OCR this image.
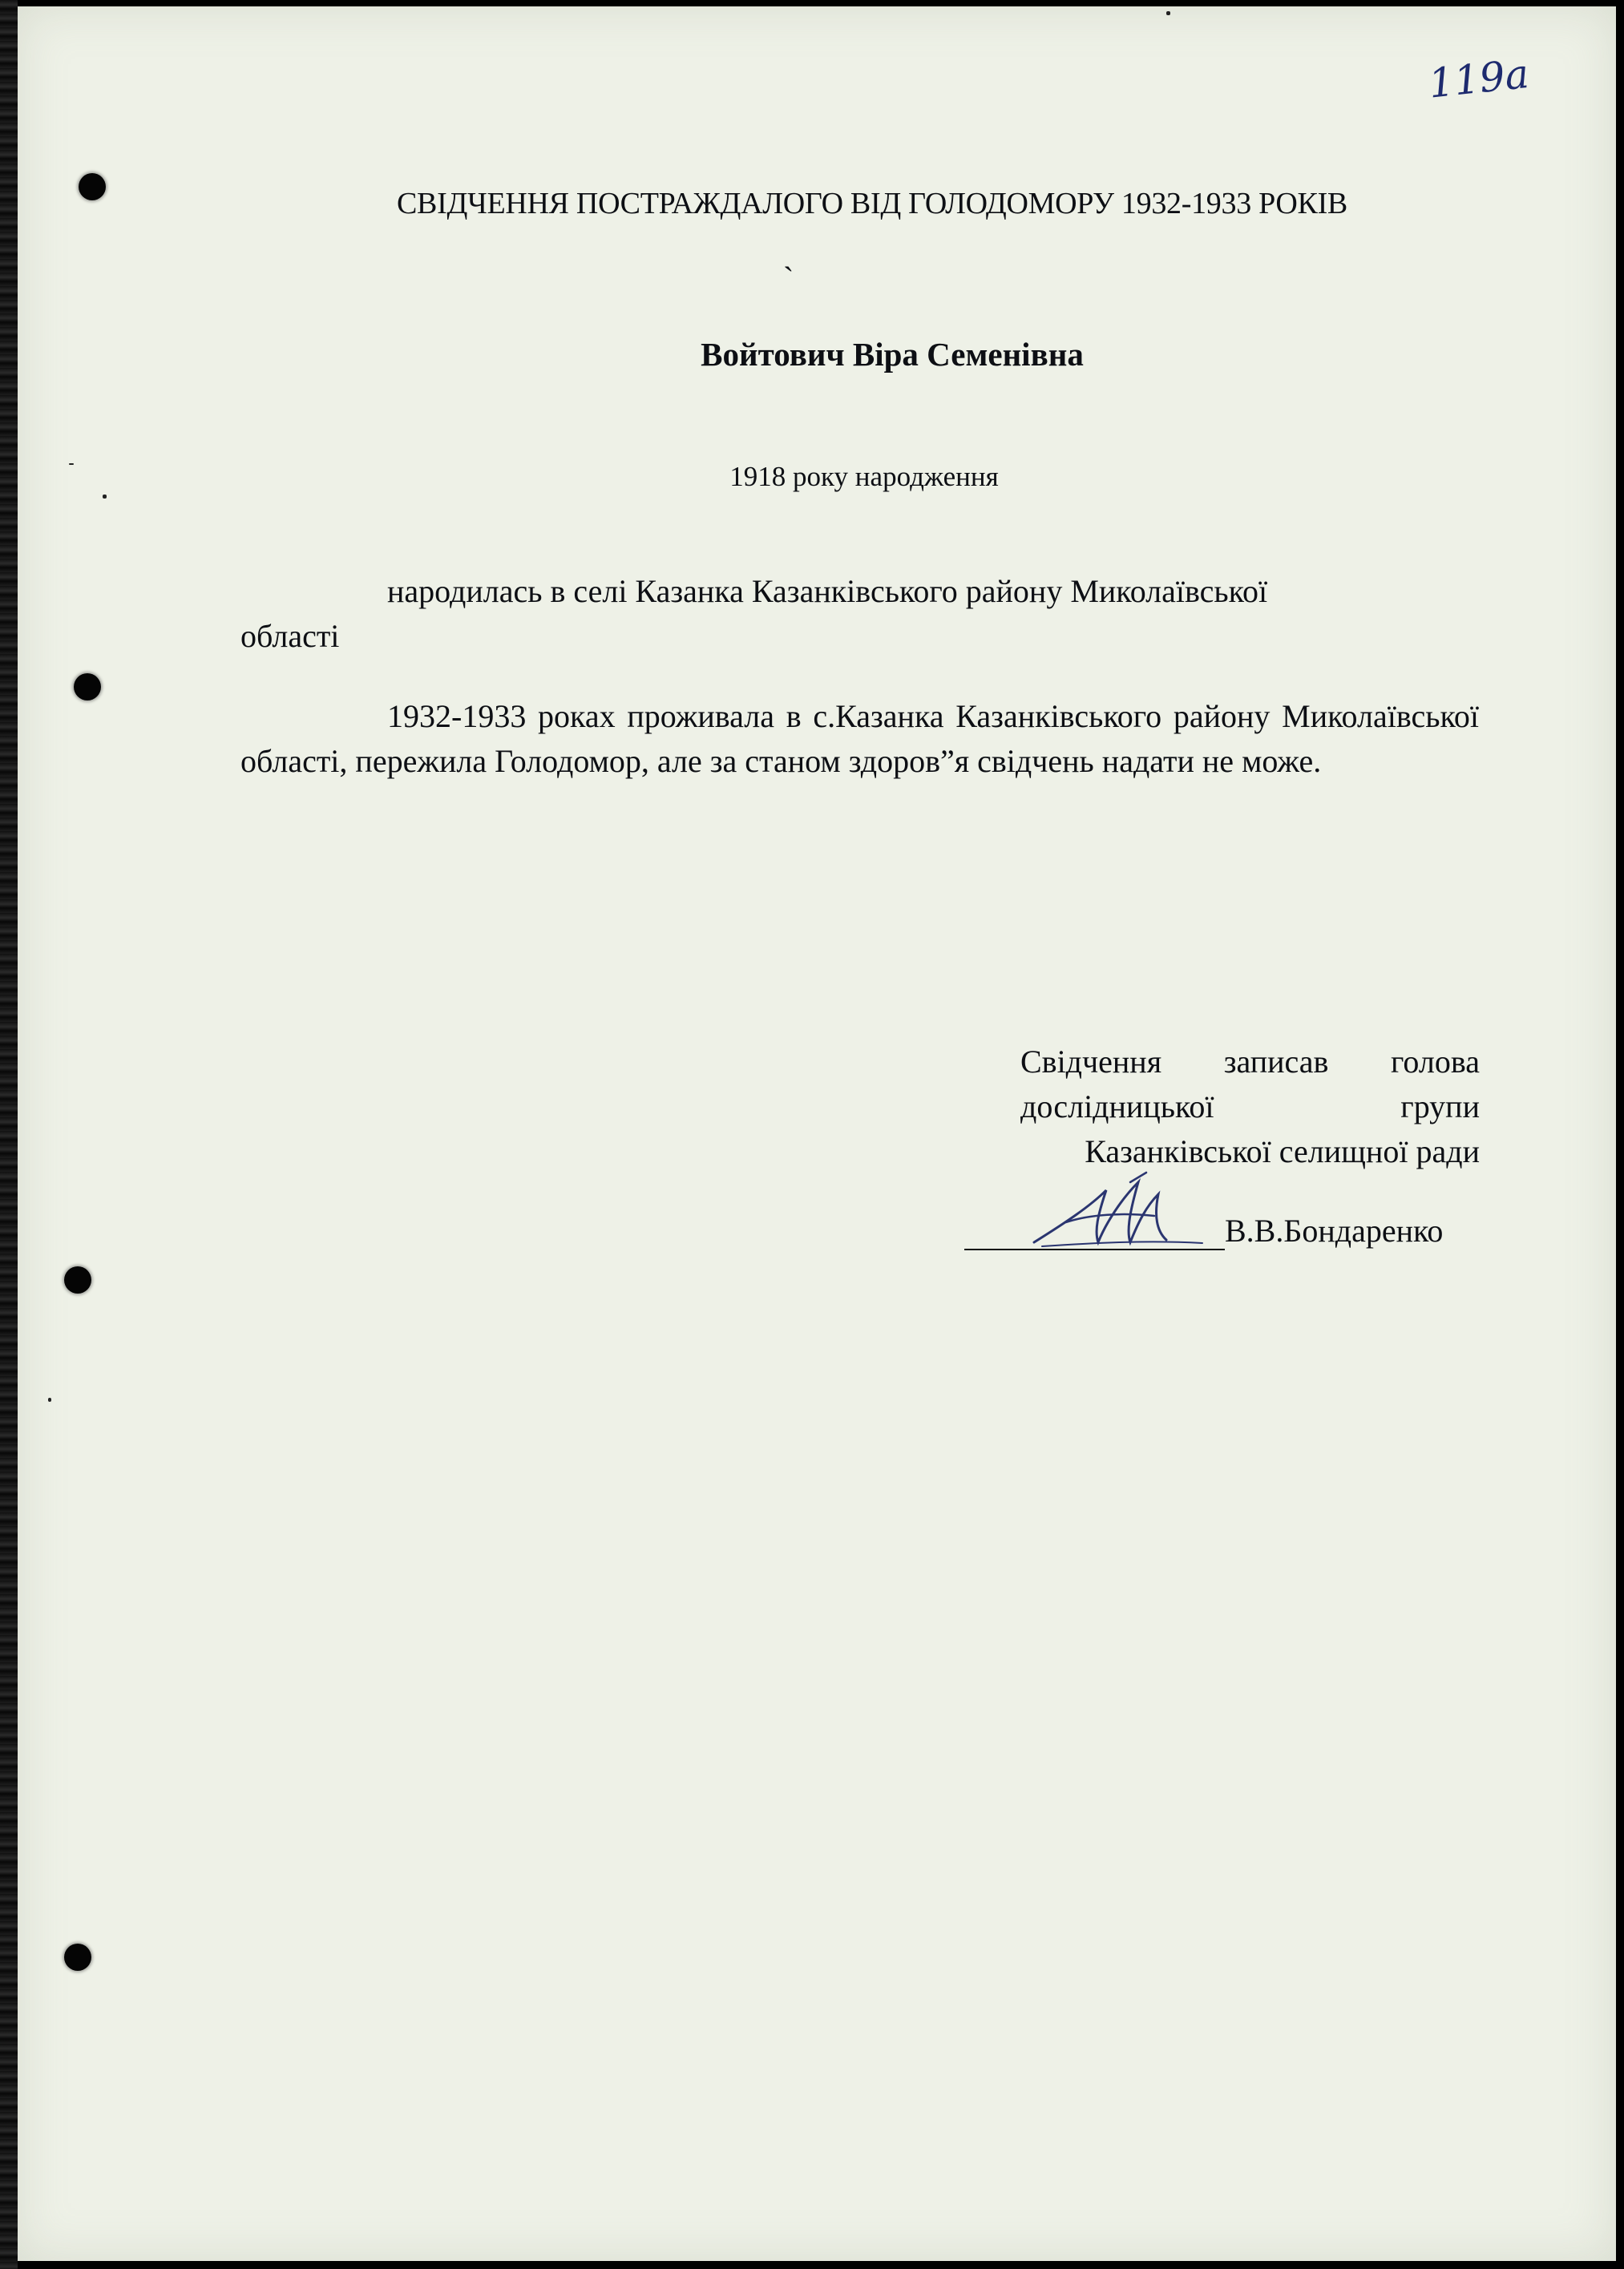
119а
СВІДЧЕННЯ ПОСТРАЖДАЛОГО ВІД ГОЛОДОМОРУ 1932-1933 РОКІВ
ˏ
Войтович Віра Семенівна
1918 року народження
народилась в селі Казанка Казанківського району Миколаївської
області
1932-1933 роках проживала в с.Казанка Казанківського району Миколаївської області, пережила Голодомор, але за станом здоров”я свідчень надати не може.
Свідчення записав голова
дослідницької	групи
Казанківської селищної ради
В.В.Бондаренко
